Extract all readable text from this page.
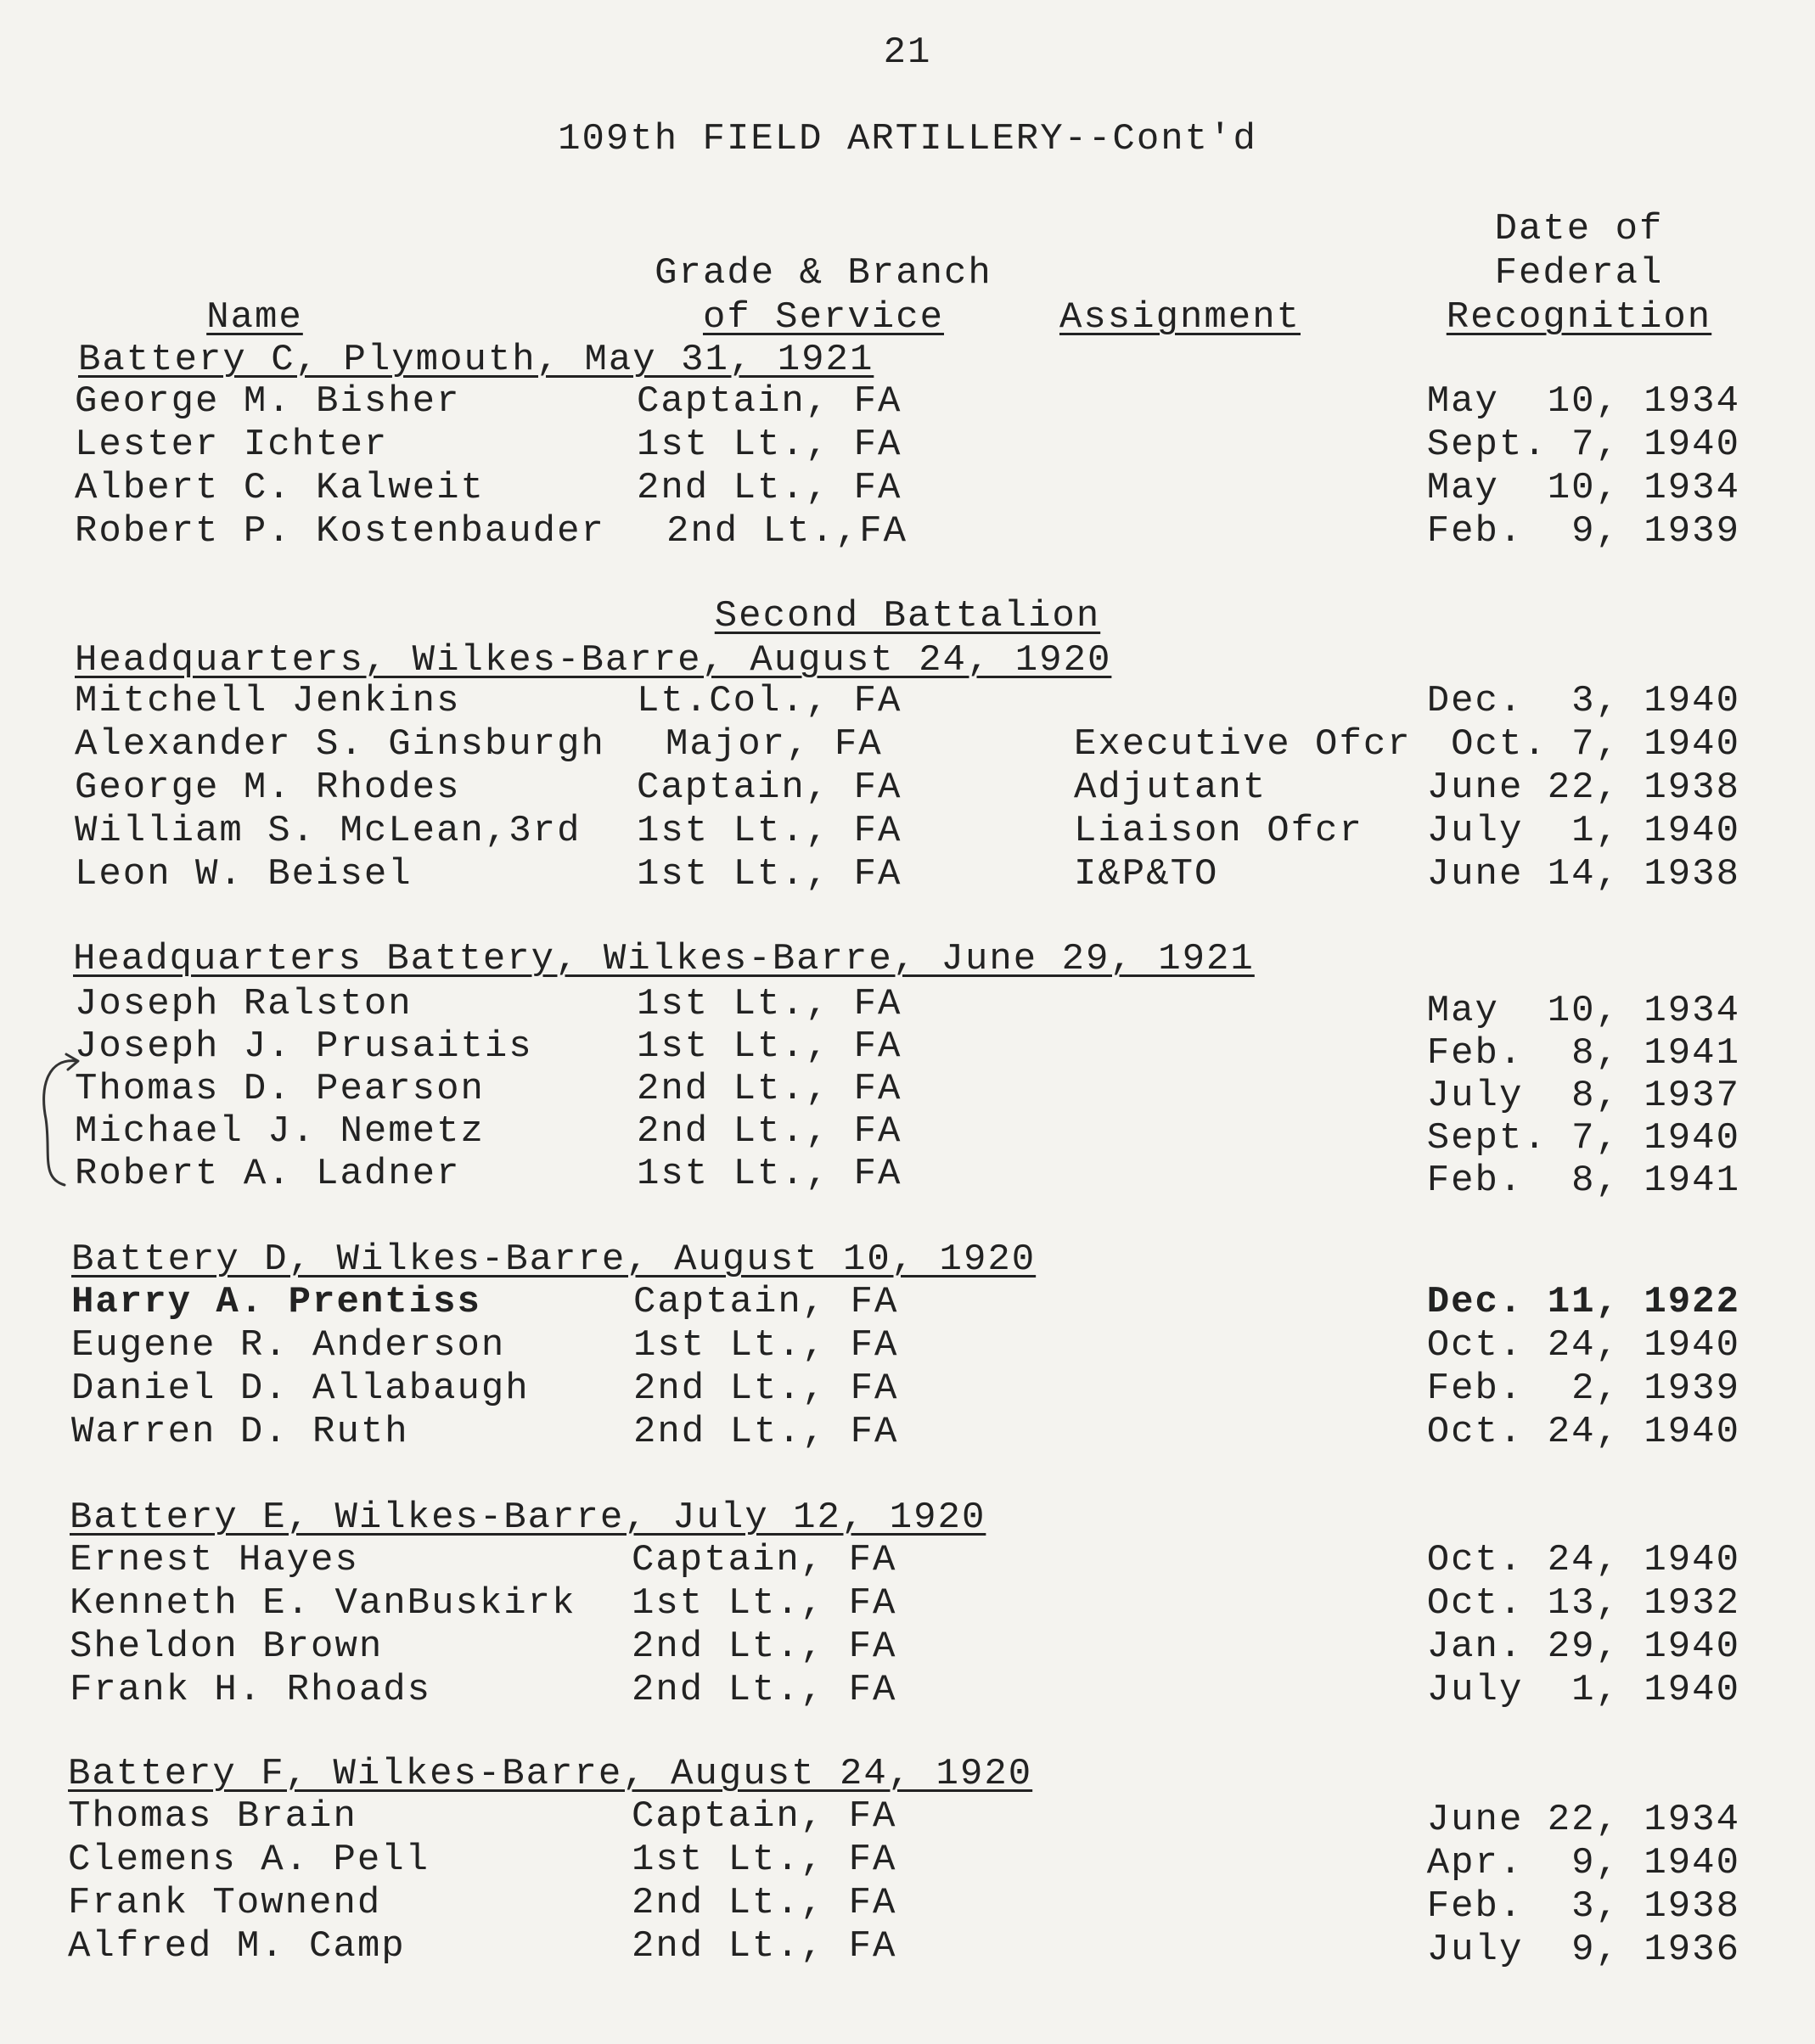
21
109th FIELD ARTILLERY--Cont'd
Name
Grade & Branch
of Service	Assignment
Date of
Federal
Recognition
Battery C, Plymouth, May 31, 1921
George M. Bisher	Captain, FA	May  10, 1934
Lester Ichter	1st Lt., FA	Sept. 7, 1940
Albert C. Kalweit	2nd Lt., FA	May  10, 1934
Robert P. Kostenbauder 2nd Lt.,FA	Feb.  9, 1939
Second Battalion
Headquarters, Wilkes-Barre, August 24, 1920
Mitchell Jenkins	Lt.Col., FA	Dec.  3, 1940
Alexander S. Ginsburgh Major, FA	Executive Ofcr	Oct. 7, 1940
George M. Rhodes	Captain, FA	Adjutant	June 22, 1938
William S. McLean,3rd 1st Lt., FA	Liaison Ofcr	July  1, 1940
Leon W. Beisel	1st Lt., FA	I&P&TO	June 14, 1938
Headquarters Battery, Wilkes-Barre, June 29, 1921
Joseph Ralston	1st Lt., FA	May  10, 1934
Joseph J. Prusaitis	1st Lt., FA	Feb.  8, 1941
Thomas D. Pearson	2nd Lt., FA	July  8, 1937
Michael J. Nemetz	2nd Lt., FA	Sept. 7, 1940
Robert A. Ladner	1st Lt., FA	Feb.  8, 1941
Battery D, Wilkes-Barre, August 10, 1920
Harry A. Prentiss	Captain, FA	Dec. 11, 1922
Eugene R. Anderson	1st Lt., FA	Oct. 24, 1940
Daniel D. Allabaugh	2nd Lt., FA	Feb.  2, 1939
Warren D. Ruth	2nd Lt., FA	Oct. 24, 1940
Battery E, Wilkes-Barre, July 12, 1920
Ernest Hayes	Captain, FA	Oct. 24, 1940
Kenneth E. VanBuskirk 1st Lt., FA	Oct. 13, 1932
Sheldon Brown	2nd Lt., FA	Jan. 29, 1940
Frank H. Rhoads	2nd Lt., FA	July  1, 1940
Battery F, Wilkes-Barre, August 24, 1920
Thomas Brain	Captain, FA	June 22, 1934
Clemens A. Pell	1st Lt., FA	Apr.  9, 1940
Frank Townend	2nd Lt., FA	Feb.  3, 1938
Alfred M. Camp	2nd Lt., FA	July  9, 1936
